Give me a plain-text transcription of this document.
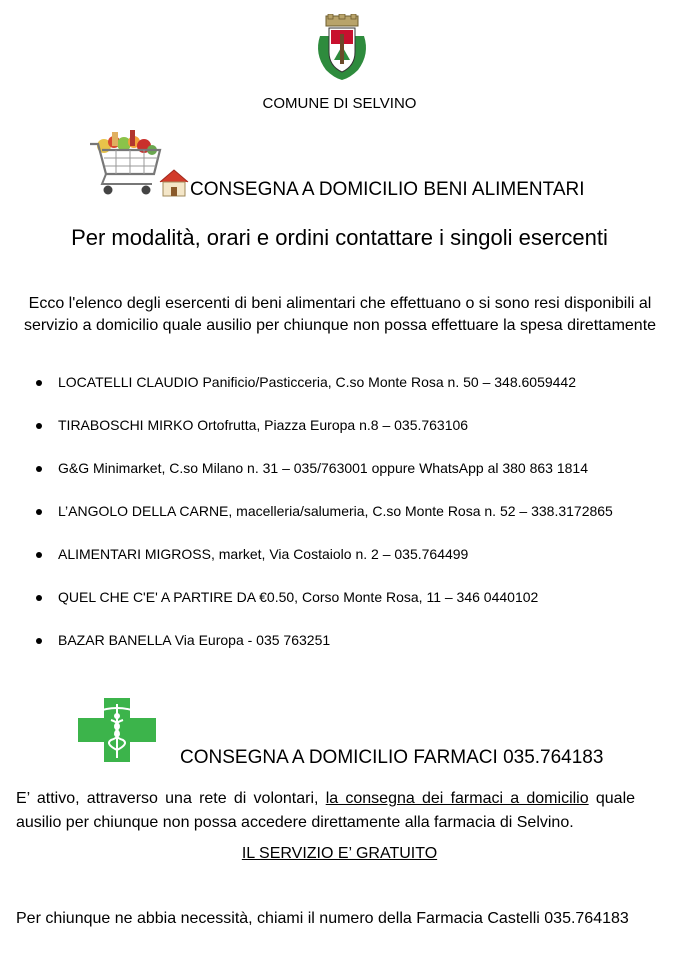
COMUNE DI SELVINO
CONSEGNA A DOMICILIO BENI ALIMENTARI
Per modalità, orari e ordini contattare i singoli esercenti
Ecco l'elenco degli esercenti di beni alimentari che effettuano o si sono resi disponibili al servizio a domicilio quale ausilio per chiunque non possa effettuare la spesa direttamente
LOCATELLI CLAUDIO Panificio/Pasticceria, C.so Monte Rosa n. 50 – 348.6059442
TIRABOSCHI MIRKO Ortofrutta, Piazza Europa n.8 – 035.763106
G&G Minimarket, C.so Milano n. 31 – 035/763001 oppure WhatsApp al 380 863 1814
L’ANGOLO DELLA CARNE, macelleria/salumeria, C.so Monte Rosa n. 52 – 338.3172865
ALIMENTARI MIGROSS, market, Via Costaiolo n. 2 – 035.764499
QUEL CHE C'E' A PARTIRE DA €0.50, Corso Monte Rosa, 11 – 346 0440102
BAZAR BANELLA Via Europa - 035 763251
CONSEGNA A DOMICILIO FARMACI 035.764183
E’ attivo, attraverso una rete di volontari, la consegna dei farmaci a domicilio quale ausilio per chiunque non possa accedere direttamente alla farmacia di Selvino.
IL SERVIZIO E’ GRATUITO
Per chiunque ne abbia necessità, chiami il numero della Farmacia Castelli 035.764183
